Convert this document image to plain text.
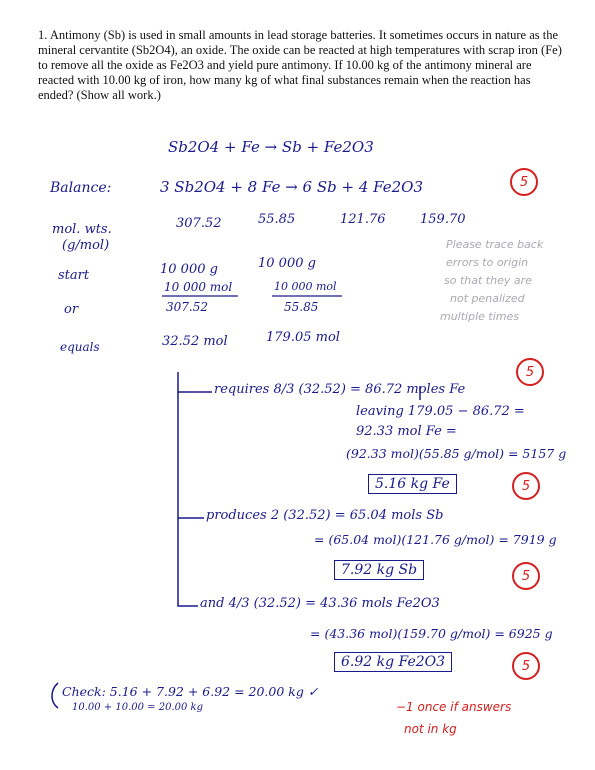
1. Antimony (Sb) is used in small amounts in lead storage batteries. It sometimes occurs in nature as the mineral cervantite (Sb2O4), an oxide. The oxide can be reacted at high temperatures with scrap iron (Fe) to remove all the oxide as Fe2O3 and yield pure antimony. If 10.00 kg of the antimony mineral are reacted with 10.00 kg of iron, how many kg of what final substances remain when the reaction has ended? (Show all work.)
Sb2O4 + Fe → Sb + Fe2O3
Balance:	3 Sb2O4 + 8 Fe → 6 Sb + 4 Fe2O3
mol. wts.
(g/mol)
307.52	55.85	121.76	159.70
start	10 000 g	10 000 g
or
10 000 mol
307.52
10 000 mol
55.85
equals	32.52 mol	179.05 mol
requires 8/3 (32.52) = 86.72 moles Fe
leaving 179.05 − 86.72 =
92.33 mol Fe =
(92.33 mol)(55.85 g/mol) = 5157 g
5.16 kg Fe
produces 2 (32.52) = 65.04 mols Sb
= (65.04 mol)(121.76 g/mol) = 7919 g
7.92 kg Sb
and 4/3 (32.52) = 43.36 mols Fe2O3
= (43.36 mol)(159.70 g/mol) = 6925 g
6.92 kg Fe2O3
Check: 5.16 + 7.92 + 6.92 = 20.00 kg ✓
10.00 + 10.00 = 20.00 kg
5
5
5
5
5
Please trace back
errors to origin
so that they are
not penalized
multiple times
−1 once if answers
not in kg
